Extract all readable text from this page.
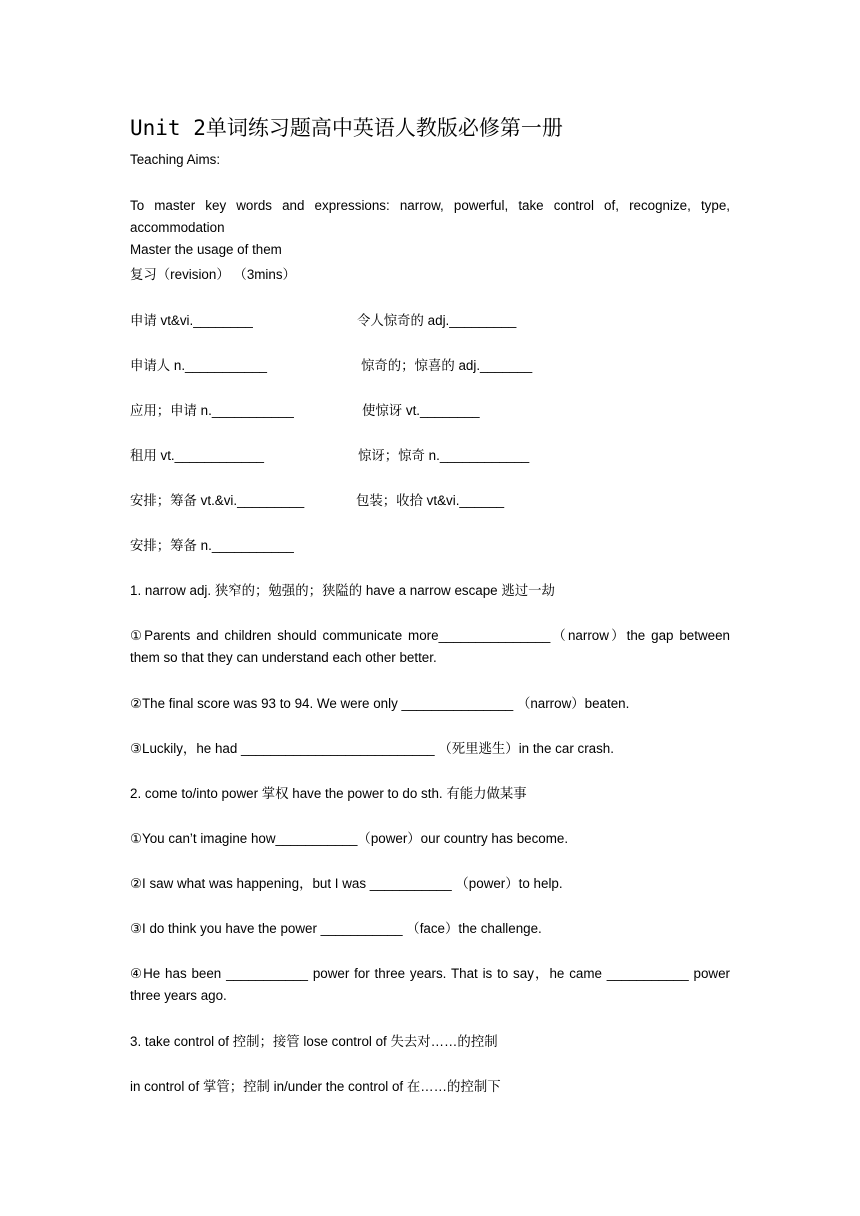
Unit 2单词练习题高中英语人教版必修第一册
Teaching Aims:
To master key words and expressions: narrow, powerful, take control of, recognize, type, accommodation
Master the usage of them
复习（revision） （3mins）
申请 vt&vi.________	令人惊奇的 adj._________
申请人 n.___________	惊奇的；惊喜的 adj._______
应用；申请 n.___________	使惊讶 vt.________
租用 vt.____________	惊讶；惊奇 n.____________
安排；筹备 vt.&vi._________	包装；收拾 vt&vi.______
安排；筹备 n.___________
1. narrow adj. 狭窄的；勉强的；狭隘的 have a narrow escape 逃过一劫
①Parents and children should communicate more_______________（narrow）the gap between them so that they can understand each other better.
②The final score was 93 to 94. We were only _______________ （narrow）beaten.
③Luckily，he had __________________________ （死里逃生）in the car crash.
2. come to/into power 掌权 have the power to do sth. 有能力做某事
①You can’t imagine how___________（power）our country has become.
②I saw what was happening，but I was ___________ （power）to help.
③I do think you have the power ___________ （face）the challenge.
④He has been ___________ power for three years. That is to say，he came ___________ power three years ago.
3. take control of 控制；接管 lose control of 失去对……的控制
in control of 掌管；控制 in/under the control of 在……的控制下
